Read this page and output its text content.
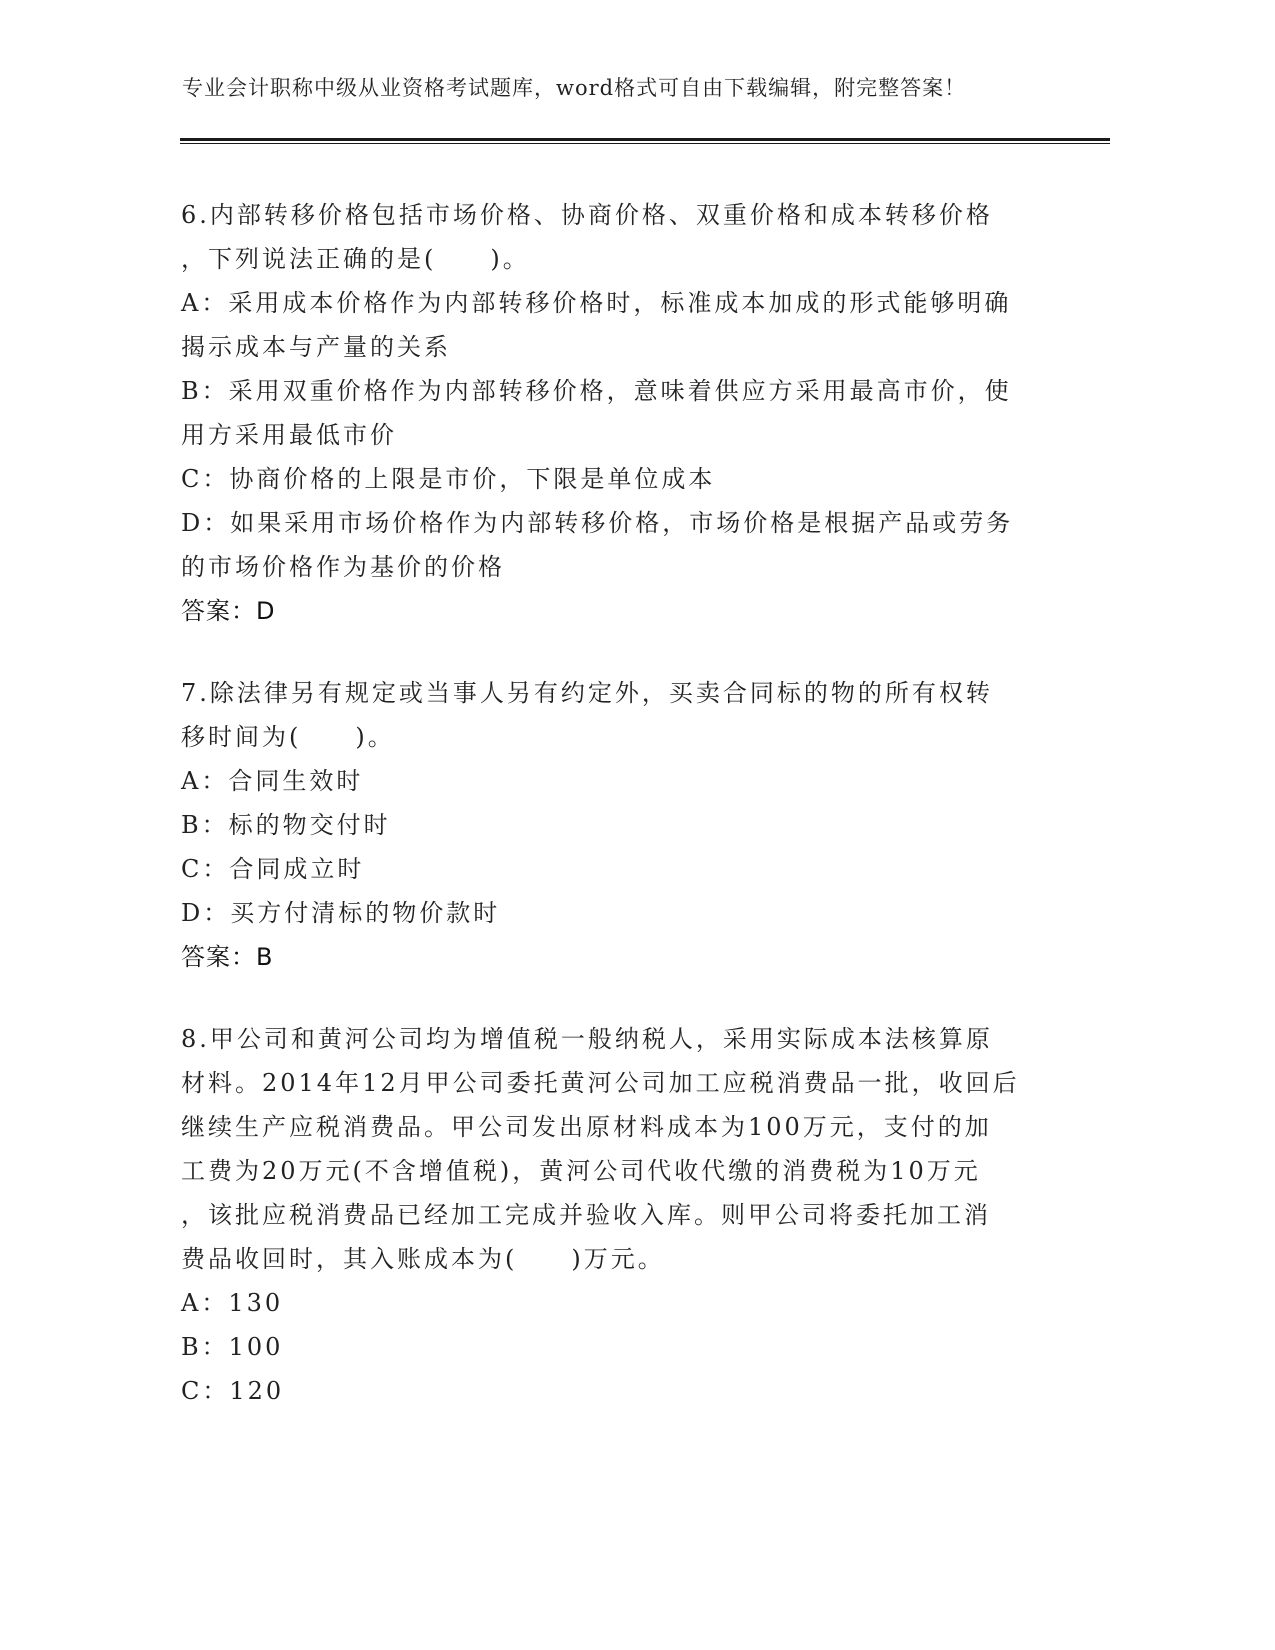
专业会计职称中级从业资格考试题库，word格式可自由下载编辑，附完整答案！
6.内部转移价格包括市场价格、协商价格、双重价格和成本转移价格
，下列说法正确的是(　　)。
A：采用成本价格作为内部转移价格时，标准成本加成的形式能够明确
揭示成本与产量的关系
B：采用双重价格作为内部转移价格，意味着供应方采用最高市价，使
用方采用最低市价
C：协商价格的上限是市价，下限是单位成本
D：如果采用市场价格作为内部转移价格，市场价格是根据产品或劳务
的市场价格作为基价的价格
答案：D
7.除法律另有规定或当事人另有约定外，买卖合同标的物的所有权转
移时间为(　　)。
A：合同生效时
B：标的物交付时
C：合同成立时
D：买方付清标的物价款时
答案：B
8.甲公司和黄河公司均为增值税一般纳税人，采用实际成本法核算原
材料。2014年12月甲公司委托黄河公司加工应税消费品一批，收回后
继续生产应税消费品。甲公司发出原材料成本为100万元，支付的加
工费为20万元(不含增值税)，黄河公司代收代缴的消费税为10万元
，该批应税消费品已经加工完成并验收入库。则甲公司将委托加工消
费品收回时，其入账成本为(　　)万元。
A：130
B：100
C：120
